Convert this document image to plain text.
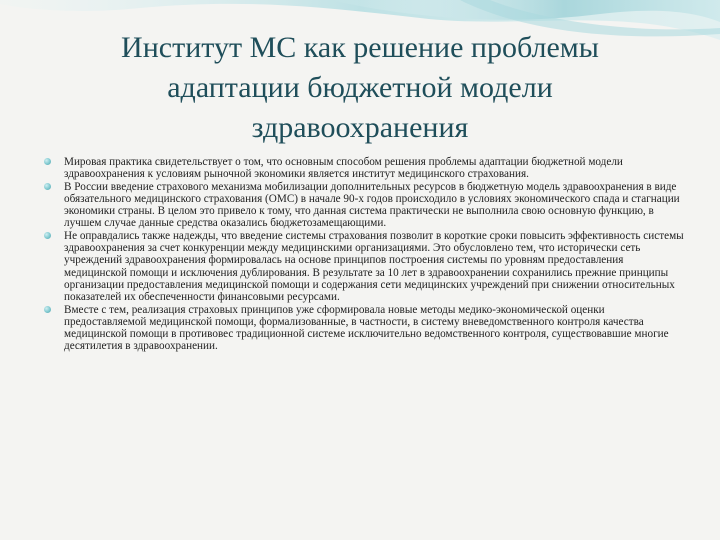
Институт МС как решение проблемы
адаптации бюджетной модели
здравоохранения
Мировая практика свидетельствует о том, что основным способом решения проблемы адаптации бюджетной модели здравоохранения к условиям рыночной экономики является институт медицинского страхования.
В России введение страхового механизма мобилизации дополнительных ресурсов в бюджетную модель здравоохранения в виде обязательного медицинского страхования (ОМС) в начале 90-х годов происходило в условиях экономического спада и стагнации экономики страны. В целом это привело к тому, что данная система практически не выполнила свою основную функцию, в лучшем случае данные средства оказались бюджетозамещающими.
Не оправдались также надежды, что введение системы страхования позволит в короткие сроки повысить эффективность системы здравоохранения за счет конкуренции между медицинскими организациями. Это обусловлено тем, что исторически сеть учреждений здравоохранения формировалась на основе принципов построения системы по уровням предоставления медицинской помощи и исключения дублирования. В результате за 10 лет в здравоохранении сохранились прежние принципы организации предоставления медицинской помощи и содержания сети медицинских учреждений при снижении относительных показателей их обеспеченности финансовыми ресурсами.
Вместе с тем, реализация страховых принципов уже сформировала новые методы медико-экономической оценки предоставляемой медицинской помощи, формализованные, в частности, в систему вневедомственного контроля качества медицинской помощи в противовес традиционной системе исключительно ведомственного контроля, существовавшие многие десятилетия в здравоохранении.
